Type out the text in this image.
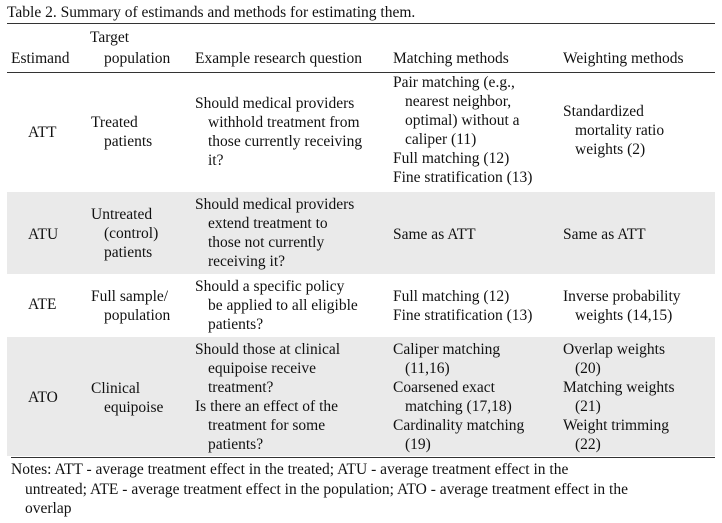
Table 2. Summary of estimands and methods for estimating them.
Estimand
Target
population Example research question Matching methods	Weighting methods
ATT
Treated
patients
Should medical providers
withhold treatment from
those currently receiving
it?
Pair matching (e.g.,
nearest neighbor,
optimal) without a
caliper (11)
Full matching (12)
Fine stratification (13)
Standardized
mortality ratio
weights (2)
ATU
Untreated
(control)
patients
Should medical providers
extend treatment to
those not currently
receiving it?
Same as ATT	Same as ATT
ATE Full sample/
population
Should a specific policy
be applied to all eligible
patients?
Full matching (12)
Fine stratification (13)
Inverse probability
weights (14,15)
ATO
Clinical
equipoise
Should those at clinical
equipoise receive
treatment?
Is there an effect of the
treatment for some
patients?
Caliper matching
(11,16)
Coarsened exact
matching (17,18)
Cardinality matching
(19)
Overlap weights
(20)
Matching weights
(21)
Weight trimming
(22)
Notes: ATT - average treatment effect in the treated; ATU - average treatment effect in the
untreated; ATE - average treatment effect in the population; ATO - average treatment effect in the
overlap
